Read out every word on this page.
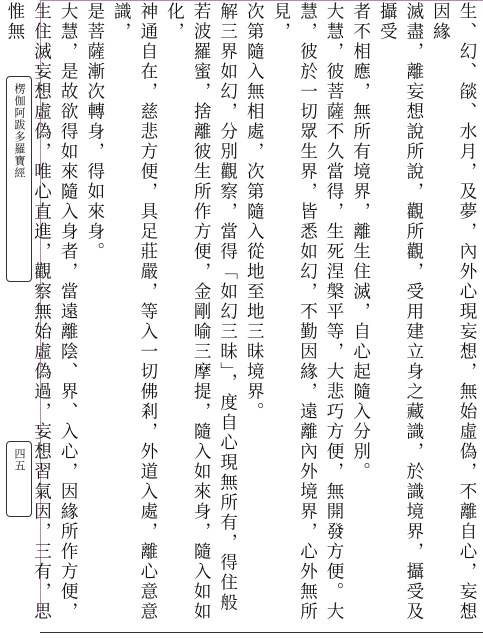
楞伽阿跋多羅寶經
四五	生、幻、燄、水月，及夢，內外心現妄想，無始虛偽，不離自心，妄想因緣

滅盡，離妄想說所說，觀所觀，受用建立身之藏識，於識境界，攝受及攝受

者不相應，無所有境界，離生住滅，自心起隨入分別。

大慧，彼菩薩不久當得，生死涅槃平等，大悲巧方便，無開發方便。大

慧，彼於一切眾生界，皆悉如幻，不勤因緣，遠離內外境界，心外無所見，

次第隨入無相處，次第隨入從地至地三昧境界。

解三界如幻，分別觀察，當得「如幻三昧」，度自心現無所有，得住般

若波羅蜜，捨離彼生所作方便，金剛喻三摩提，隨入如來身，隨入如如化，

神通自在，慈悲方便，具足莊嚴，等入一切佛剎，外道入處，離心意意識，

是菩薩漸次轉身，得如來身。

大慧，是故欲得如來隨入身者，當遠離陰、界、入心，因緣所作方便，

生住滅妄想虛偽，唯心直進，觀察無始虛偽過，妄想習氣因，三有，思惟無
